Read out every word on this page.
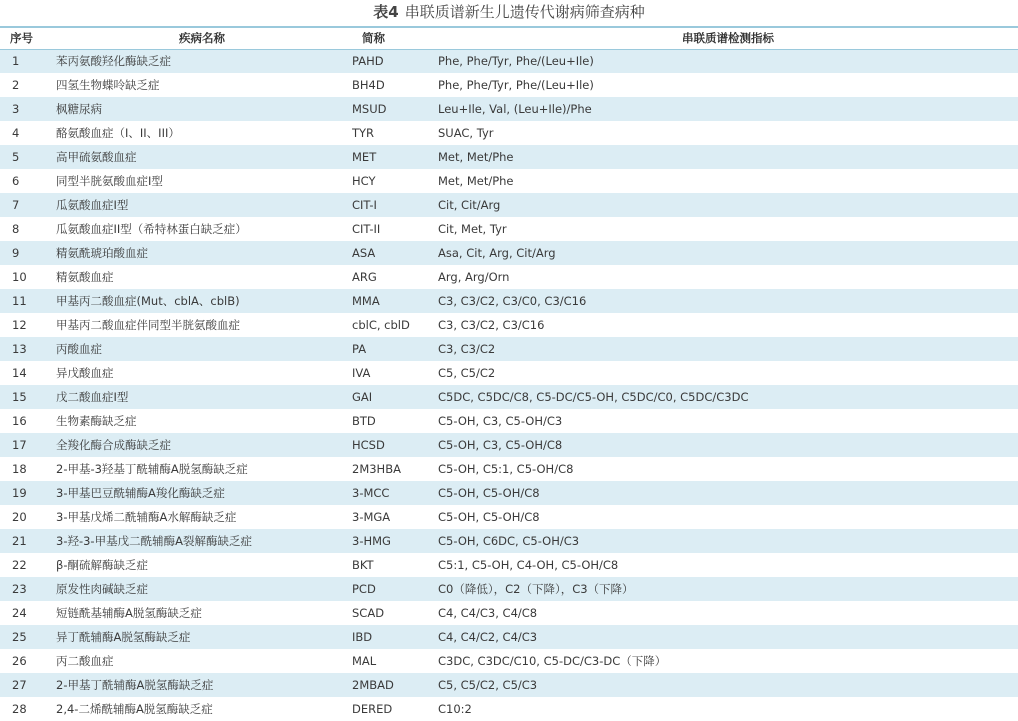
表4 串联质谱新生儿遗传代谢病筛查病种
序号	疾病名称	简称	串联质谱检测指标
1	苯丙氨酸羟化酶缺乏症	PAHD	Phe, Phe/Tyr, Phe/(Leu+Ile)
2	四氢生物蝶呤缺乏症	BH4D	Phe, Phe/Tyr, Phe/(Leu+Ile)
3	枫糖尿病	MSUD	Leu+Ile, Val, (Leu+Ile)/Phe
4	酪氨酸血症（I、II、III）	TYR	SUAC, Tyr
5	高甲硫氨酸血症	MET	Met, Met/Phe
6	同型半胱氨酸血症I型	HCY	Met, Met/Phe
7	瓜氨酸血症I型	CIT-I	Cit, Cit/Arg
8	瓜氨酸血症II型（希特林蛋白缺乏症）	CIT-II	Cit, Met, Tyr
9	精氨酰琥珀酸血症	ASA	Asa, Cit, Arg, Cit/Arg
10	精氨酸血症	ARG	Arg, Arg/Orn
11	甲基丙二酸血症(Mut、cblA、cblB)	MMA	C3, C3/C2, C3/C0, C3/C16
12	甲基丙二酸血症伴同型半胱氨酸血症	cblC, cblD	C3, C3/C2, C3/C16
13	丙酸血症	PA	C3, C3/C2
14	异戊酸血症	IVA	C5, C5/C2
15	戊二酸血症I型	GAI	C5DC, C5DC/C8, C5-DC/C5-OH, C5DC/C0, C5DC/C3DC
16	生物素酶缺乏症	BTD	C5-OH, C3, C5-OH/C3
17	全羧化酶合成酶缺乏症	HCSD	C5-OH, C3, C5-OH/C8
18	2-甲基-3羟基丁酰辅酶A脱氢酶缺乏症	2M3HBA	C5-OH, C5:1, C5-OH/C8
19	3-甲基巴豆酰辅酶A羧化酶缺乏症	3-MCC	C5-OH, C5-OH/C8
20	3-甲基戊烯二酰辅酶A水解酶缺乏症	3-MGA	C5-OH, C5-OH/C8
21	3-羟-3-甲基戊二酰辅酶A裂解酶缺乏症	3-HMG	C5-OH, C6DC, C5-OH/C3
22	β-酮硫解酶缺乏症	BKT	C5:1, C5-OH, C4-OH, C5-OH/C8
23	原发性肉碱缺乏症	PCD	C0（降低），C2（下降），C3（下降）
24	短链酰基辅酶A脱氢酶缺乏症	SCAD	C4, C4/C3, C4/C8
25	异丁酰辅酶A脱氢酶缺乏症	IBD	C4, C4/C2, C4/C3
26	丙二酸血症	MAL	C3DC, C3DC/C10, C5-DC/C3-DC（下降）
27	2-甲基丁酰辅酶A脱氢酶缺乏症	2MBAD	C5, C5/C2, C5/C3
28	2,4-二烯酰辅酶A脱氢酶缺乏症	DERED	C10:2
